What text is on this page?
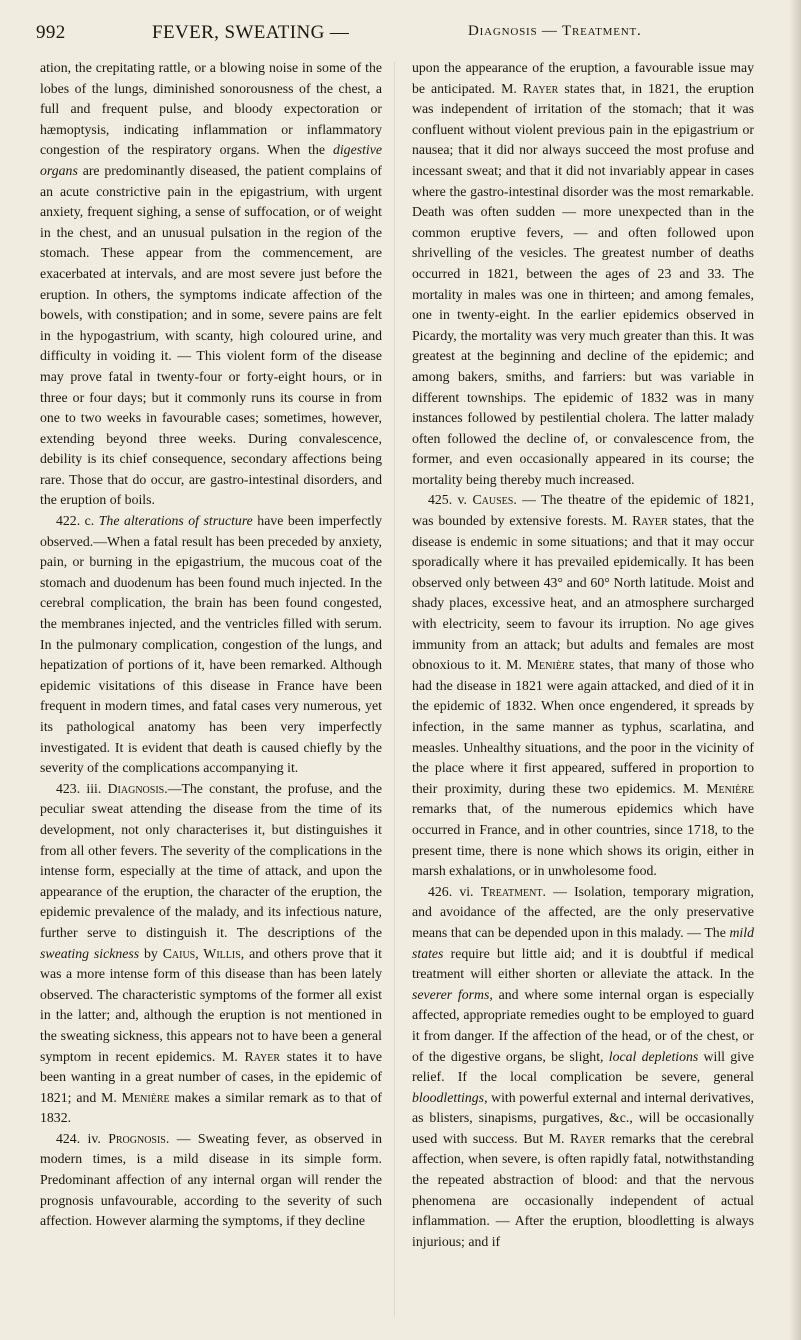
992	FEVER, SWEATING —	Diagnosis — Treatment.

ation, the crepitating rattle, or a blowing noise in some of the lobes of the lungs, diminished sonorousness of the chest, a full and frequent pulse, and bloody expectoration or hæmoptysis, indicating inflammation or inflammatory congestion of the respiratory organs. When the digestive organs are predominantly diseased, the patient complains of an acute constrictive pain in the epigastrium, with urgent anxiety, frequent sighing, a sense of suffocation, or of weight in the chest, and an unusual pulsation in the region of the stomach. These appear from the commencement, are exacerbated at intervals, and are most severe just before the eruption. In others, the symptoms indicate affection of the bowels, with constipation; and in some, severe pains are felt in the hypogastrium, with scanty, high coloured urine, and difficulty in voiding it. — This violent form of the disease may prove fatal in twenty-four or forty-eight hours, or in three or four days; but it commonly runs its course in from one to two weeks in favourable cases; sometimes, however, extending beyond three weeks. During convalescence, debility is its chief consequence, secondary affections being rare. Those that do occur, are gastro-intestinal disorders, and the eruption of boils.

422. c. The alterations of structure have been imperfectly observed.—When a fatal result has been preceded by anxiety, pain, or burning in the epigastrium, the mucous coat of the stomach and duodenum has been found much injected. In the cerebral complication, the brain has been found congested, the membranes injected, and the ventricles filled with serum. In the pulmonary complication, congestion of the lungs, and hepatization of portions of it, have been remarked. Although epidemic visitations of this disease in France have been frequent in modern times, and fatal cases very numerous, yet its pathological anatomy has been very imperfectly investigated. It is evident that death is caused chiefly by the severity of the complications accompanying it.

423. iii. Diagnosis.—The constant, the profuse, and the peculiar sweat attending the disease from the time of its development, not only characterises it, but distinguishes it from all other fevers. The severity of the complications in the intense form, especially at the time of attack, and upon the appearance of the eruption, the character of the eruption, the epidemic prevalence of the malady, and its infectious nature, further serve to distinguish it. The descriptions of the sweating sickness by Caius, Willis, and others prove that it was a more intense form of this disease than has been lately observed. The characteristic symptoms of the former all exist in the latter; and, although the eruption is not mentioned in the sweating sickness, this appears not to have been a general symptom in recent epidemics. M. Rayer states it to have been wanting in a great number of cases, in the epidemic of 1821; and M. Menière makes a similar remark as to that of 1832.

424. iv. Prognosis. — Sweating fever, as observed in modern times, is a mild disease in its simple form. Predominant affection of any internal organ will render the prognosis unfavourable, according to the severity of such affection. However alarming the symptoms, if they decline

upon the appearance of the eruption, a favourable issue may be anticipated. M. Rayer states that, in 1821, the eruption was independent of irritation of the stomach; that it was confluent without violent previous pain in the epigastrium or nausea; that it did nor always succeed the most profuse and incessant sweat; and that it did not invariably appear in cases where the gastro-intestinal disorder was the most remarkable. Death was often sudden — more unexpected than in the common eruptive fevers, — and often followed upon shrivelling of the vesicles. The greatest number of deaths occurred in 1821, between the ages of 23 and 33. The mortality in males was one in thirteen; and among females, one in twenty-eight. In the earlier epidemics observed in Picardy, the mortality was very much greater than this. It was greatest at the beginning and decline of the epidemic; and among bakers, smiths, and farriers: but was variable in different townships. The epidemic of 1832 was in many instances followed by pestilential cholera. The latter malady often followed the decline of, or convalescence from, the former, and even occasionally appeared in its course; the mortality being thereby much increased.

425. v. Causes. — The theatre of the epidemic of 1821, was bounded by extensive forests. M. Rayer states, that the disease is endemic in some situations; and that it may occur sporadically where it has prevailed epidemically. It has been observed only between 43° and 60° North latitude. Moist and shady places, excessive heat, and an atmosphere surcharged with electricity, seem to favour its irruption. No age gives immunity from an attack; but adults and females are most obnoxious to it. M. Menière states, that many of those who had the disease in 1821 were again attacked, and died of it in the epidemic of 1832. When once engendered, it spreads by infection, in the same manner as typhus, scarlatina, and measles. Unhealthy situations, and the poor in the vicinity of the place where it first appeared, suffered in proportion to their proximity, during these two epidemics. M. Menière remarks that, of the numerous epidemics which have occurred in France, and in other countries, since 1718, to the present time, there is none which shows its origin, either in marsh exhalations, or in unwholesome food.

426. vi. Treatment. — Isolation, temporary migration, and avoidance of the affected, are the only preservative means that can be depended upon in this malady. — The mild states require but little aid; and it is doubtful if medical treatment will either shorten or alleviate the attack. In the severer forms, and where some internal organ is especially affected, appropriate remedies ought to be employed to guard it from danger. If the affection of the head, or of the chest, or of the digestive organs, be slight, local depletions will give relief. If the local complication be severe, general bloodlettings, with powerful external and internal derivatives, as blisters, sinapisms, purgatives, &c., will be occasionally used with success. But M. Rayer remarks that the cerebral affection, when severe, is often rapidly fatal, notwithstanding the repeated abstraction of blood: and that the nervous phenomena are occasionally independent of actual inflammation. — After the eruption, bloodletting is always injurious; and if
